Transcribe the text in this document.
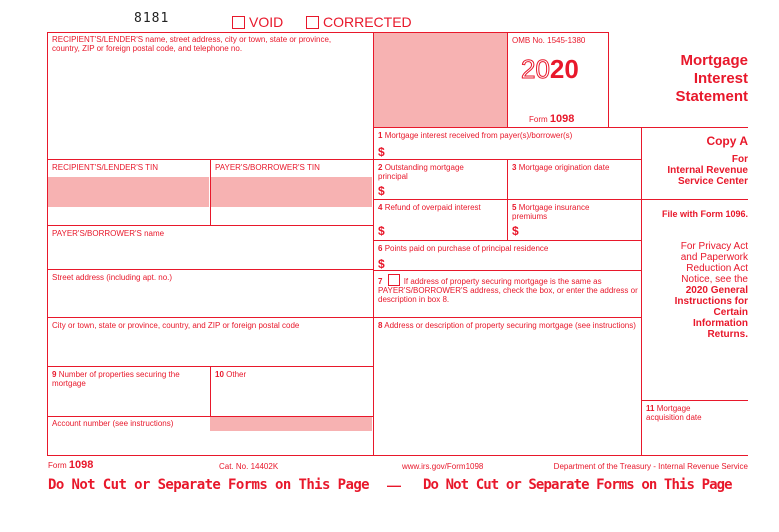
8181	VOID	CORRECTED
RECIPIENT'S/LENDER'S name, street address, city or town, state or province, country, ZIP or foreign postal code, and telephone no.
RECIPIENT'S/LENDER'S TIN	PAYER'S/BORROWER'S TIN
PAYER'S/BORROWER'S name
Street address (including apt. no.)
City or town, state or province, country, and ZIP or foreign postal code
9 Number of properties securing the mortgage
10 Other
Account number (see instructions)
OMB No. 1545-1380
2020
Form 1098
1 Mortgage interest received from payer(s)/borrower(s)
$
2 Outstanding mortgage principal
$
3 Mortgage origination date
4 Refund of overpaid interest
$
5 Mortgage insurance premiums
$
6 Points paid on purchase of principal residence
$
7	If address of property securing mortgage is the same as PAYER'S/BORROWER'S address, check the box, or enter the address or description in box 8.
8 Address or description of property securing mortgage (see instructions)
Mortgage
Interest
Statement
Copy A
For
Internal Revenue
Service Center
File with Form 1096.
For Privacy Act
and Paperwork
Reduction Act
Notice, see the
2020 General
Instructions for
Certain
Information
Returns.
11 Mortgage acquisition date
Form 1098	Cat. No. 14402K	www.irs.gov/Form1098	Department of the Treasury - Internal Revenue Service
Do Not Cut or Separate Forms on This Page — Do Not Cut or Separate Forms on This Page
